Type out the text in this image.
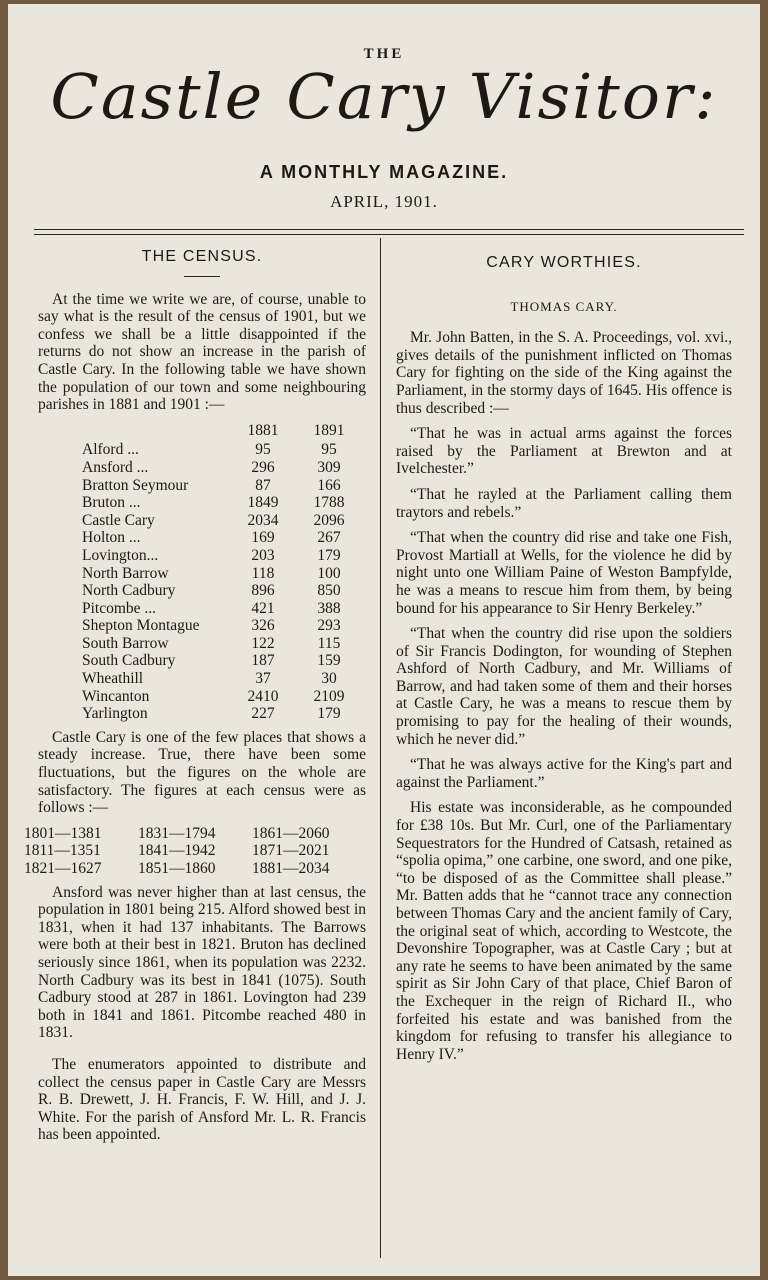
THE
Castle Cary Visitor:
A MONTHLY MAGAZINE.
APRIL, 1901.
THE CENSUS.

At the time we write we are, of course, unable to say what is the result of the census of 1901, but we confess we shall be a little disappointed if the returns do not show an increase in the parish of Castle Cary. In the following table we have shown the population of our town and some neighbouring parishes in 1881 and 1901 :—

	1881	1891
Alford ...	95	95
Ansford ...	296	309
Bratton Seymour	87	166
Bruton ...	1849	1788
Castle Cary	2034	2096
Holton ...	169	267
Lovington...	203	179
North Barrow	118	100
North Cadbury	896	850
Pitcombe ...	421	388
Shepton Montague	326	293
South Barrow	122	115
South Cadbury	187	159
Wheathill	37	30
Wincanton	2410	2109
Yarlington	227	179

Castle Cary is one of the few places that shows a steady increase. True, there have been some fluctuations, but the figures on the whole are satisfactory. The figures at each census were as follows :—

1801—1381	1831—1794	1861—2060
1811—1351	1841—1942	1871—2021
1821—1627	1851—1860	1881—2034

Ansford was never higher than at last census, the population in 1801 being 215. Alford showed best in 1831, when it had 137 inhabitants. The Barrows were both at their best in 1821. Bruton has declined seriously since 1861, when its population was 2232. North Cadbury was its best in 1841 (1075). South Cadbury stood at 287 in 1861. Lovington had 239 both in 1841 and 1861. Pitcombe reached 480 in 1831.

The enumerators appointed to distribute and collect the census paper in Castle Cary are Messrs R. B. Drewett, J. H. Francis, F. W. Hill, and J. J. White. For the parish of Ansford Mr. L. R. Francis has been appointed.

CARY WORTHIES.
THOMAS CARY.

Mr. John Batten, in the S. A. Proceedings, vol. xvi., gives details of the punishment inflicted on Thomas Cary for fighting on the side of the King against the Parliament, in the stormy days of 1645. His offence is thus described :—

“That he was in actual arms against the forces raised by the Parliament at Brewton and at Ivelchester.”

“That he rayled at the Parliament calling them traytors and rebels.”

“That when the country did rise and take one Fish, Provost Martiall at Wells, for the violence he did by night unto one William Paine of Weston Bampfylde, he was a means to rescue him from them, by being bound for his appearance to Sir Henry Berkeley.”

“That when the country did rise upon the soldiers of Sir Francis Dodington, for wounding of Stephen Ashford of North Cadbury, and Mr. Williams of Barrow, and had taken some of them and their horses at Castle Cary, he was a means to rescue them by promising to pay for the healing of their wounds, which he never did.”

“That he was always active for the King's part and against the Parliament.”

His estate was inconsiderable, as he compounded for £38 10s. But Mr. Curl, one of the Parliamentary Sequestrators for the Hundred of Catsash, retained as “spolia opima,” one carbine, one sword, and one pike, “to be disposed of as the Committee shall please.” Mr. Batten adds that he “cannot trace any connection between Thomas Cary and the ancient family of Cary, the original seat of which, according to Westcote, the Devonshire Topographer, was at Castle Cary ; but at any rate he seems to have been animated by the same spirit as Sir John Cary of that place, Chief Baron of the Exchequer in the reign of Richard II., who forfeited his estate and was banished from the kingdom for refusing to transfer his allegiance to Henry IV.”
